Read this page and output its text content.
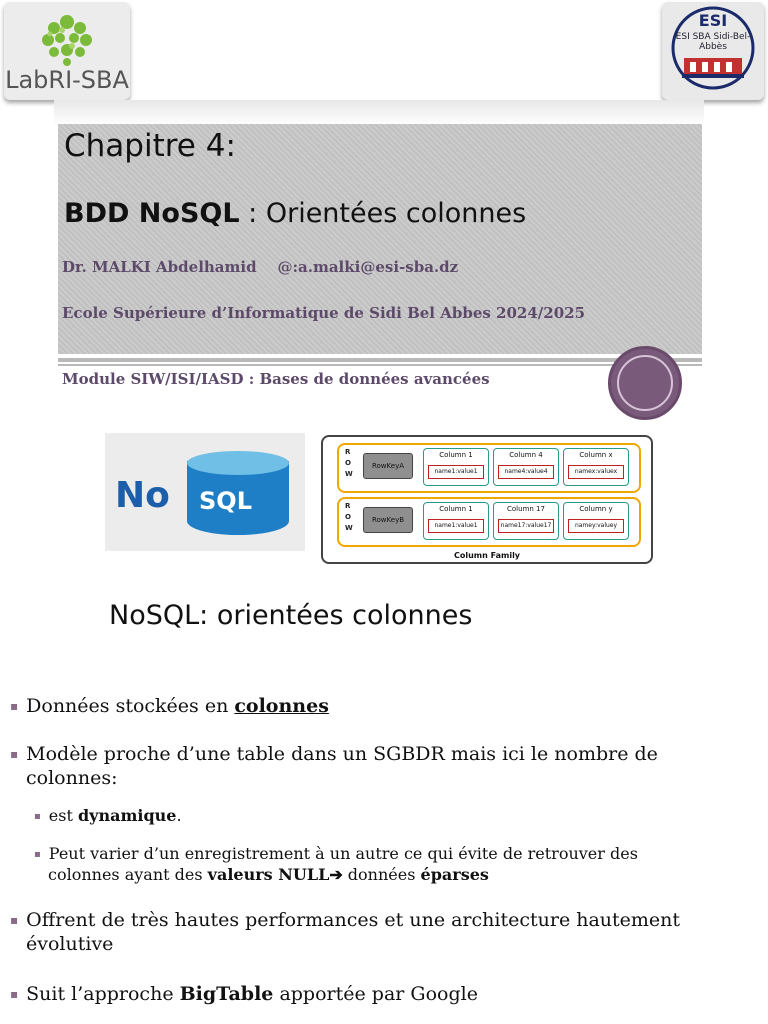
LabRI-SBA
ESI
ESI SBA Sidi-Bel-Abbès
Chapitre 4:
BDD NoSQL : Orientées colonnes
Dr. MALKI Abdelhamid @:a.malki@esi-sba.dz
Ecole Supérieure d’Informatique de Sidi Bel Abbes 2024/2025
Module SIW/ISI/IASD : Bases de données avancées
No SQL
R
O
W
RowKeyA
Column 1
name1:value1
Column 4
name4:value4
Column x
namex:valuex
R
O
W
RowKeyB
Column 1
name1:value1
Column 17
name17:value17
Column y
namey:valuey
Column Family
NoSQL: orientées colonnes
▪ Données stockées en colonnes
▪ Modèle proche d’une table dans un SGBDR mais ici le nombre de
colonnes:
▪ est dynamique.
▪ Peut varier d’un enregistrement à un autre ce qui évite de retrouver des
colonnes ayant des valeurs NULL➔ données éparses
▪ Offrent de très hautes performances et une architecture hautement
évolutive
▪ Suit l’approche BigTable apportée par Google
